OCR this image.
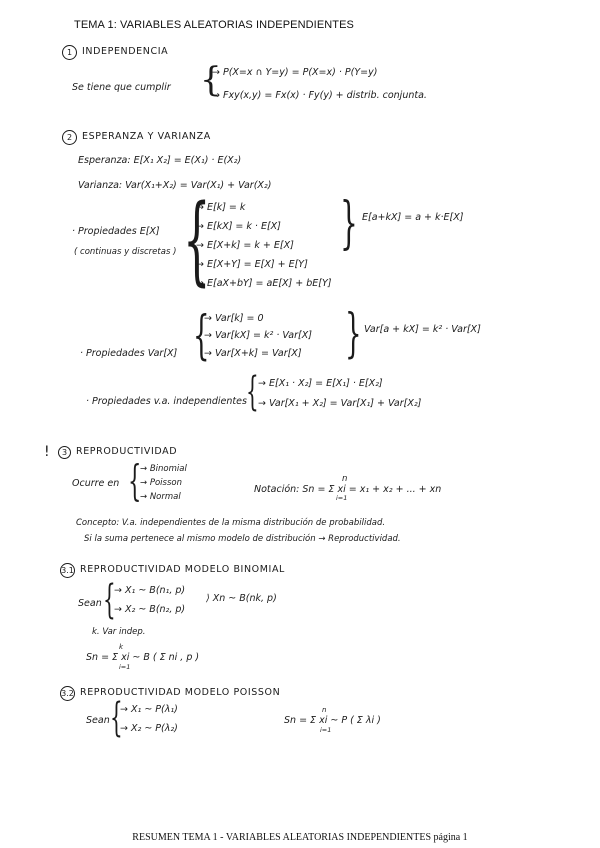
TEMA 1: VARIABLES ALEATORIAS INDEPENDIENTES
1	INDEPENDENCIA
Se tiene que cumplir {
→ P(X=x ∩ Y=y) = P(X=x) · P(Y=y)
→ Fxy(x,y) = Fx(x) · Fy(y) + distrib. conjunta.
2	ESPERANZA Y VARIANZA
Esperanza: E[X₁ X₂] = E(X₁) · E(X₂)
Varianza: Var(X₁+X₂) = Var(X₁) + Var(X₂)
· Propiedades E[X]
( continuas y discretas ) {
→ E[k] = k
→ E[kX] = k · E[X]
→ E[X+k] = k + E[X]
→ E[X+Y] = E[X] + E[Y]
→ E[aX+bY] = aE[X] + bE[Y]
} E[a+kX] = a + k·E[X]
· Propiedades Var[X] {
→ Var[k] = 0
→ Var[kX] = k² · Var[X]
→ Var[X+k] = Var[X] } Var[a + kX] = k² · Var[X]
· Propiedades v.a. independientes { → E[X₁ · X₂] = E[X₁] · E[X₂]
→ Var[X₁ + X₂] = Var[X₁] + Var[X₂]
!	3 REPRODUCTIVIDAD
Ocurre en {
→ Binomial
→ Poisson
→ Normal
n
i=1
Notación: Sn = Σ xi = x₁ + x₂ + ... + xn
Concepto: V.a. independientes de la misma distribución de probabilidad.
Si la suma pertenece al mismo modelo de distribución → Reproductividad.
3.1 REPRODUCTIVIDAD MODELO BINOMIAL
Sean {
→ X₁ ~ B(n₁, p)
→ X₂ ~ B(n₂, p)
⟩ Xn ~ B(nk, p)
k. Var indep.
k
i=1
Sn = Σ xi ~ B ( Σ ni , p )
3.2 REPRODUCTIVIDAD MODELO POISSON
Sean {
→ X₁ ~ P(λ₁)
→ X₂ ~ P(λ₂)
n
i=1
Sn = Σ xi ~ P ( Σ λi )
RESUMEN TEMA 1 - VARIABLES ALEATORIAS INDEPENDIENTES página 1
